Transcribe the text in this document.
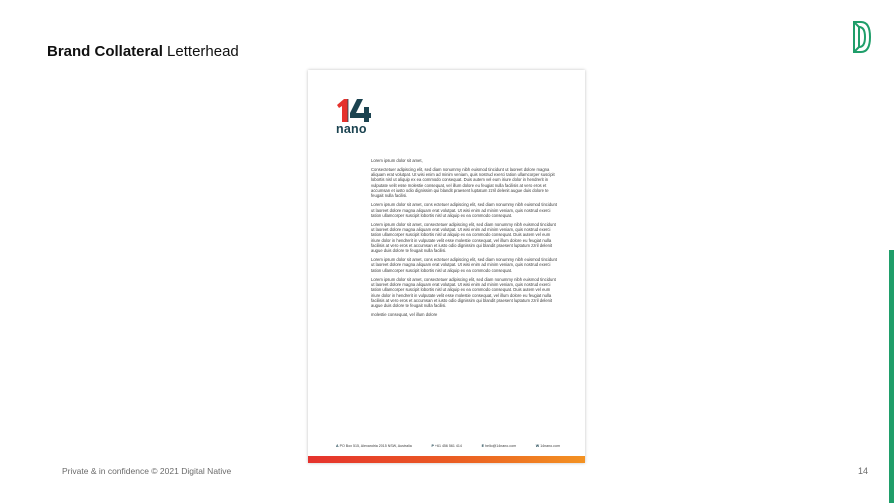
Brand Collateral Letterhead
nano

Lorem ipsum dolor sit amet,

Consectetuer adipiscing elit, sed diam nonummy nibh euismod tincidunt ut laoreet dolore magna aliquam erat volutpat. Ut wisi enim ad minim veniam, quis nostrud exerci tation ullamcorper suscipit lobortis nisl ut aliquip ex ea commodo consequat. Duis autem vel eum iriure dolor in hendrerit in vulputate velit esse molestie consequat, vel illum dolore eu feugiat nulla facilisis at vero eros et accumsan et iusto odio dignissim qui blandit praesent luptatum zzril delenit augue duis dolore te feugait nulla facilisi.

Lorem ipsum dolor sit amet, cons ectetuer adipiscing elit, sed diam nonummy nibh euismod tincidunt ut laoreet dolore magna aliquam erat volutpat. Ut wisi enim ad minim veniam, quis nostrud exerci tation ullamcorper suscipit lobortis nisl ut aliquip ex ea commodo consequat.

Lorem ipsum dolor sit amet, consectetuer adipiscing elit, sed diam nonummy nibh euismod tincidunt ut laoreet dolore magna aliquam erat volutpat. Ut wisi enim ad minim veniam, quis nostrud exerci tation ullamcorper suscipit lobortis nisl ut aliquip ex ea commodo consequat. Duis autem vel eum iriure dolor in hendrerit in vulputate velit esse molestie consequat, vel illum dolore eu feugiat nulla facilisis at vero eros et accumsan et iusto odio dignissim qui blandit praesent luptatum zzril delenit augue duis dolore te feugait nulla facilisi.

Lorem ipsum dolor sit amet, cons ectetuer adipiscing elit, sed diam nonummy nibh euismod tincidunt ut laoreet dolore magna aliquam erat volutpat. Ut wisi enim ad minim veniam, quis nostrud exerci tation ullamcorper suscipit lobortis nisl ut aliquip ex ea commodo consequat.

Lorem ipsum dolor sit amet, consectetuer adipiscing elit, sed diam nonummy nibh euismod tincidunt ut laoreet dolore magna aliquam erat volutpat. Ut wisi enim ad minim veniam, quis nostrud exerci tation ullamcorper suscipit lobortis nisl ut aliquip ex ea commodo consequat. Duis autem vel eum iriure dolor in hendrerit in vulputate velit esse molestie consequat, vel illum dolore eu feugiat nulla facilisis at vero eros et accumsan et iusto odio dignissim qui blandit praesent luptatum zzril delenit augue duis dolore te feugait nulla facilisi.

molestie consequat, vel illum dolore

A PO Box 515, Alexandria 2015 NSW, Australia	P +61 456 561 414	E hello@14nano.com	W 14nano.com
Private & in confidence © 2021 Digital Native	14
